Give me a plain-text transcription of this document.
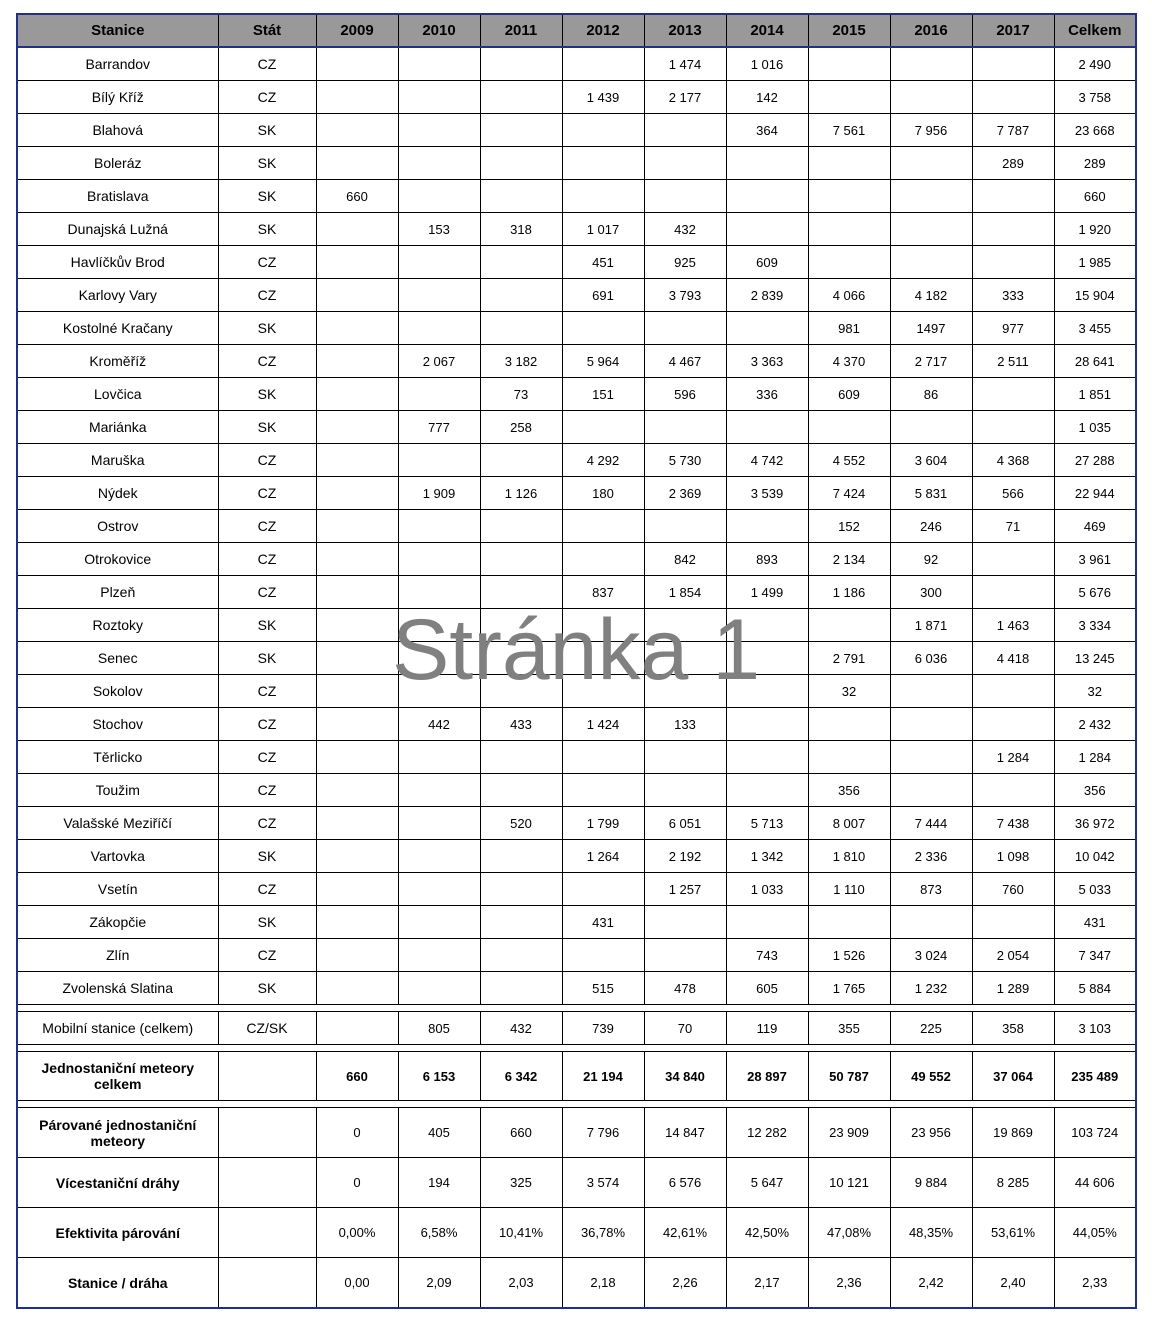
Stanice	Stát	2009	2010	2011	2012	2013	2014	2015	2016	2017	Celkem
Barrandov	CZ					1 474	1 016				2 490
Bílý Kříž	CZ				1 439	2 177	142				3 758
Blahová	SK						364	7 561	7 956	7 787	23 668
Boleráz	SK									289	289
Bratislava	SK	660									660
Dunajská Lužná	SK		153	318	1 017	432					1 920
Havlíčkův Brod	CZ				451	925	609				1 985
Karlovy Vary	CZ				691	3 793	2 839	4 066	4 182	333	15 904
Kostolné Kračany	SK							981	1497	977	3 455
Kroměříž	CZ		2 067	3 182	5 964	4 467	3 363	4 370	2 717	2 511	28 641
Lovčica	SK			73	151	596	336	609	86		1 851
Mariánka	SK		777	258							1 035
Maruška	CZ				4 292	5 730	4 742	4 552	3 604	4 368	27 288
Nýdek	CZ		1 909	1 126	180	2 369	3 539	7 424	5 831	566	22 944
Ostrov	CZ							152	246	71	469
Otrokovice	CZ					842	893	2 134	92		3 961
Plzeň	CZ				837	1 854	1 499	1 186	300		5 676
Roztoky	SK								1 871	1 463	3 334
Senec	SK							2 791	6 036	4 418	13 245
Sokolov	CZ							32			32
Stochov	CZ		442	433	1 424	133					2 432
Těrlicko	CZ									1 284	1 284
Toužim	CZ							356			356
Valašské Meziříčí	CZ			520	1 799	6 051	5 713	8 007	7 444	7 438	36 972
Vartovka	SK				1 264	2 192	1 342	1 810	2 336	1 098	10 042
Vsetín	CZ					1 257	1 033	1 110	873	760	5 033
Zákopčie	SK				431						431
Zlín	CZ						743	1 526	3 024	2 054	7 347
Zvolenská Slatina	SK				515	478	605	1 765	1 232	1 289	5 884

Mobilní stanice (celkem)	CZ/SK		805	432	739	70	119	355	225	358	3 103

Jednostaniční meteory celkem		660	6 153	6 342	21 194	34 840	28 897	50 787	49 552	37 064	235 489

Párované jednostaniční meteory		0	405	660	7 796	14 847	12 282	23 909	23 956	19 869	103 724
Vícestaniční dráhy		0	194	325	3 574	6 576	5 647	10 121	9 884	8 285	44 606
Efektivita párování		0,00%	6,58%	10,41%	36,78%	42,61%	42,50%	47,08%	48,35%	53,61%	44,05%
Stanice / dráha		0,00	2,09	2,03	2,18	2,26	2,17	2,36	2,42	2,40	2,33
Stránka 1
